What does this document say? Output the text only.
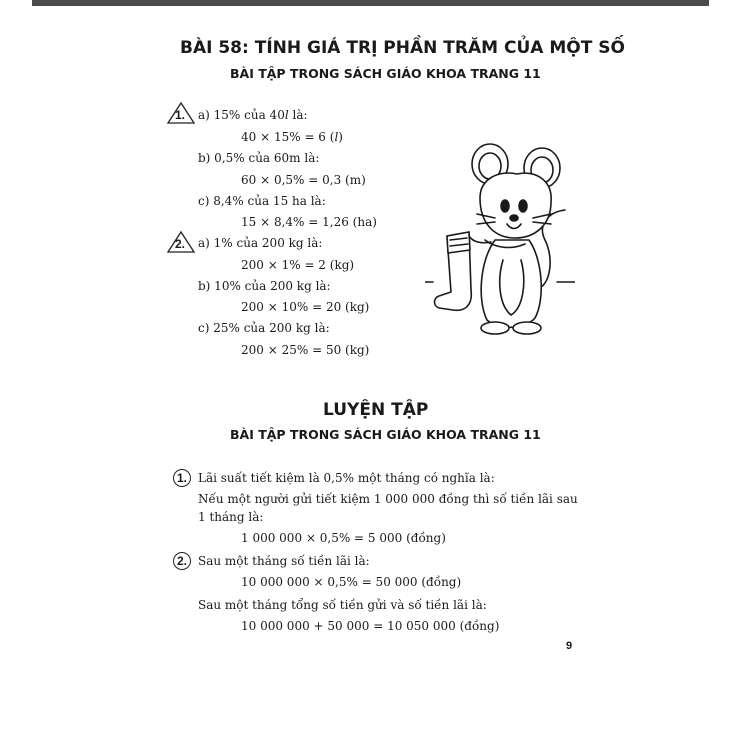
BÀI 58: TÍNH GIÁ TRỊ PHẦN TRĂM CỦA MỘT SỐ
BÀI TẬP TRONG SÁCH GIÁO KHOA TRANG 11
1. a) 15% của 40l là:
40 × 15% = 6 (l)
b) 0,5% của 60m là:
60 × 0,5% = 0,3 (m)
c) 8,4% của 15 ha là:
15 × 8,4% = 1,26 (ha)
2. a) 1% của 200 kg là:
200 × 1% = 2 (kg)
b) 10% của 200 kg là:
200 × 10% = 20 (kg)
c) 25% của 200 kg là:
200 × 25% = 50 (kg)
LUYỆN TẬP
BÀI TẬP TRONG SÁCH GIÁO KHOA TRANG 11
1. Lãi suất tiết kiệm là 0,5% một tháng có nghĩa là:
Nếu một người gửi tiết kiệm 1 000 000 đồng thì số tiền lãi sau
1 tháng là:
1 000 000 × 0,5% = 5 000 (đồng)
2. Sau một tháng số tiền lãi là:
10 000 000 × 0,5% = 50 000 (đồng)
Sau một tháng tổng số tiền gửi và số tiền lãi là:
10 000 000 + 50 000 = 10 050 000 (đồng)
9
